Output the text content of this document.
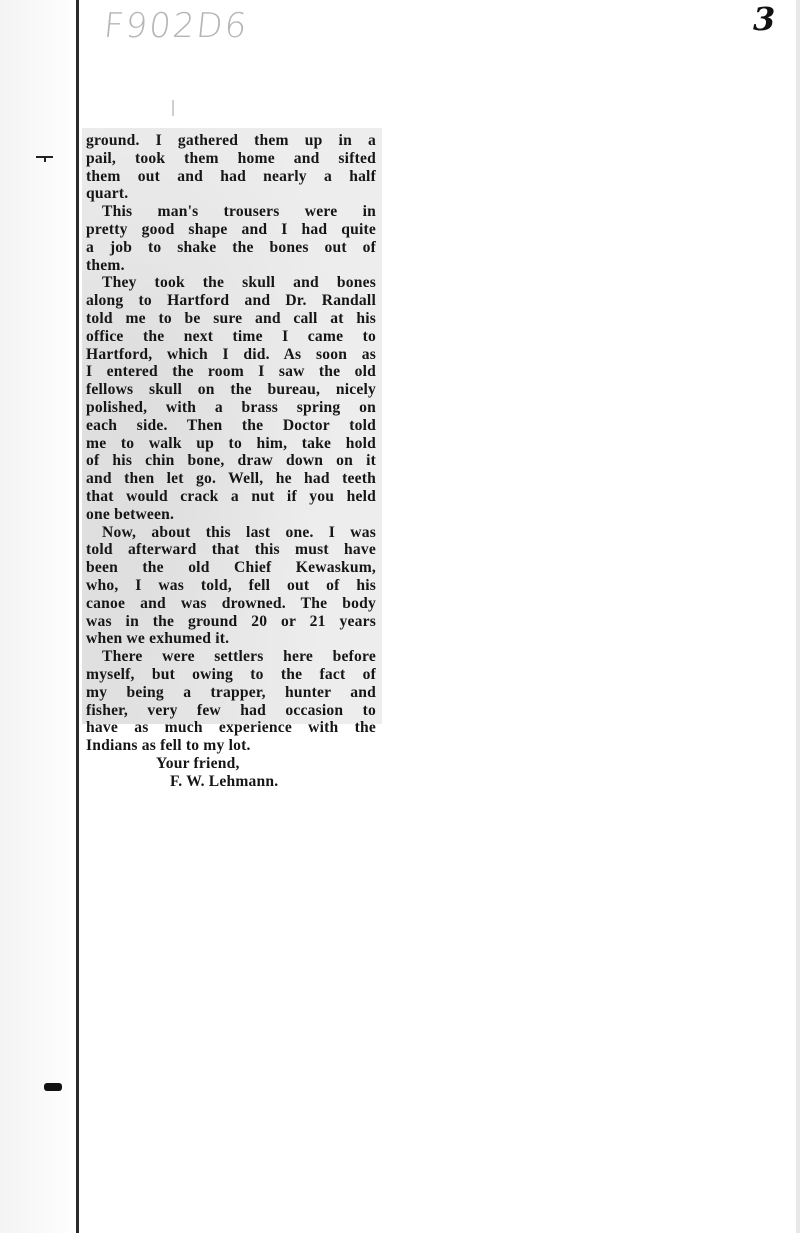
F902D6	3
ground. I gathered them up in a
pail, took them home and sifted
them out and had nearly a half
quart.
This man's trousers were in
pretty good shape and I had quite
a job to shake the bones out of
them.
They took the skull and bones
along to Hartford and Dr. Randall
told me to be sure and call at his
office the next time I came to
Hartford, which I did. As soon as
I entered the room I saw the old
fellows skull on the bureau, nicely
polished, with a brass spring on
each side. Then the Doctor told
me to walk up to him, take hold
of his chin bone, draw down on it
and then let go. Well, he had teeth
that would crack a nut if you held
one between.
Now, about this last one. I was
told afterward that this must have
been the old Chief Kewaskum,
who, I was told, fell out of his
canoe and was drowned. The body
was in the ground 20 or 21 years
when we exhumed it.
There were settlers here before
myself, but owing to the fact of
my being a trapper, hunter and
fisher, very few had occasion to
have as much experience with the
Indians as fell to my lot.
Your friend,
F. W. Lehmann.
